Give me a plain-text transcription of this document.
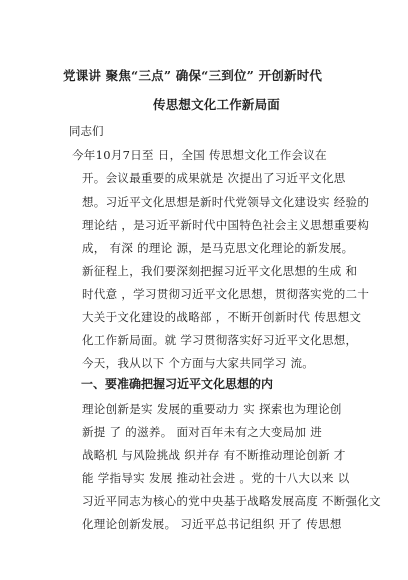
党课讲 聚焦“三点” 确保“三到位” 开创新时代
传思想文化工作新局面
同志们
今年10月7日至 日，全国 传思想文化工作会议在
开。会议最重要的成果就是 次提出了习近平文化思
想。习近平文化思想是新时代党领导文化建设实 经验的
理论结 ，是习近平新时代中国特色社会主义思想重要构
成， 有深 的理论 源，是马克思文化理论的新发展。
新征程上，我们要深刻把握习近平文化思想的生成 和
时代意 ，学习贯彻习近平文化思想，贯彻落实党的二十
大关于文化建设的战略部 ，不断开创新时代 传思想文
化工作新局面。就 学习贯彻落实好习近平文化思想，
今天，我从以下 个方面与大家共同学习 流。
一、要准确把握习近平文化思想的内
理论创新是实 发展的重要动力 实 探索也为理论创
新提 了 的滋养。 面对百年未有之大变局加 进
战略机 与风险挑战 织并存 有不断推动理论创新 才
能 学指导实 发展 推动社会进 。党的十八大以来 以
习近平同志为核心的党中央基于战略发展高度 不断强化文
化理论创新发展。 习近平总书记组织 开了 传思想
